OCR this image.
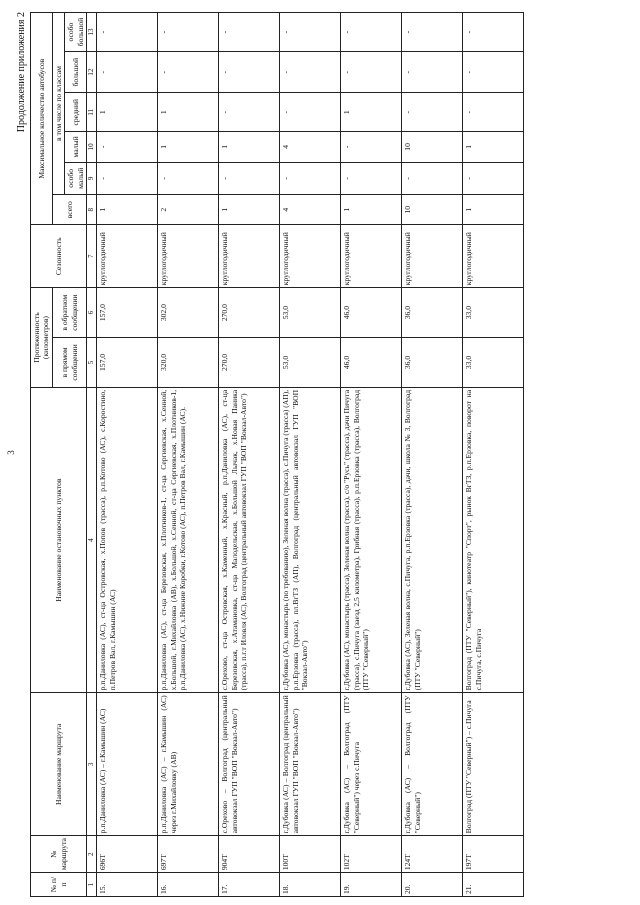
3
Продолжение приложения 2
№ п/п	№ маршрута	Наименование маршрута	Наименование остановочных пунктов	Протяженность (километров)		Сезонность	Максимальное количество автобусов					
				в прямом сообщении	в обратном сообщении		всего	в том числе по классам				
								особо малый	малый	средний	большой	особо большой
1	2	3	4	5	6	7	8	9	10	11	12	13
15.	696Т	р.п.Даниловка (АС) – г.Камышин (АС)	р.п.Даниловка (АС), ст-ца Островская, х.Попов (трасса), р.п.Котово (АС), с.Коростино, п.Петров Вал, г.Камышин (АС)	157,0	157,0	круглогодичный	1	-	-	1	-	-
16.	697Т	р.п.Даниловка (АС) – г.Камышин (АС) через г.Михайловку (АВ)	р.п.Даниловка (АС), ст-ца Березовская, х.Плотников-1, ст-ца Сергиевская, х.Сенной, х.Большой, г.Михайловка (АВ), х.Большой, х.Сенной, ст-ца Сергиевская, х.Плотников-1, р.п.Даниловка (АС), х.Нижние Коробки, г.Котово (АС), п.Петров Вал, г.Камышин (АС).	320,0	302,0	круглогодичный	2	-	1	1	-	-
17.	904Т	с.Орехово – Волгоград (центральный автовокзал ГУП "ВОП "Вокзал-Авто")	с.Орехово, ст-ца Островская, х.Каменный, х.Красный, р.п.Даниловка (АС), ст-ца Березовская, х.Атамановка, ст-ца Малодельская, х.Большой Лычак, х.Новая Паника (трасса), п.г.т Иловля (АС), Волгоград (центральный автовокзал ГУП "ВОП "Вокзал-Авто")	270,0	270,0	круглогодичный	1	-	1	-	-	-
18.	100Т	г.Дубовка (АС) – Волгоград (центральный автовокзал ГУП "ВОП "Вокзал-Авто")	г.Дубовка (АС), монастырь (по требованию), Зеленая волна (трасса), с.Пичуга (трасса) (АП), р.п.Ерзовка (трасса), пл.ВгТЗ (АП), Волгоград (центральный автовокзал ГУП "ВОП "Вокзал-Авто")	53,0	53,0	круглогодичный	4	-	4	-	-	-
19.	102Т	г.Дубовка (АС) – Волгоград (ПТУ "Северный") через с.Пичуга	г.Дубовка (АС), монастырь (трасса), Зеленая волна (трасса), с/о "Русь" (трасса), дачи Пичуга (трасса), с.Пичуга (заезд 2,5 километра), Грибная (трасса), р.п.Ерзовка (трасса), Волгоград (ПТУ "Северный")	46,0	46,0	круглогодичный	1	-	-	1	-	-
20.	124Т	г.Дубовка (АС) – Волгоград (ПТУ "Северный")	г.Дубовка (АС), Зеленая волна, с.Пичуга, р.п.Ерзовка (трасса), дачи, школа № 3, Волгоград (ПТУ "Северный")	36,0	36,0	круглогодичный	10	-	10	-	-	-
21.	197Т	Волгоград (ПТУ "Северный") – с.Пичуга	Волгоград (ПТУ "Северный"), кинотеатр "Спорт", рынок ВгТЗ, р.п.Ерзовка, поворот на с.Пичуга, с.Пичуга	33,0	33,0	круглогодичный	1	-	1	-	-	-
